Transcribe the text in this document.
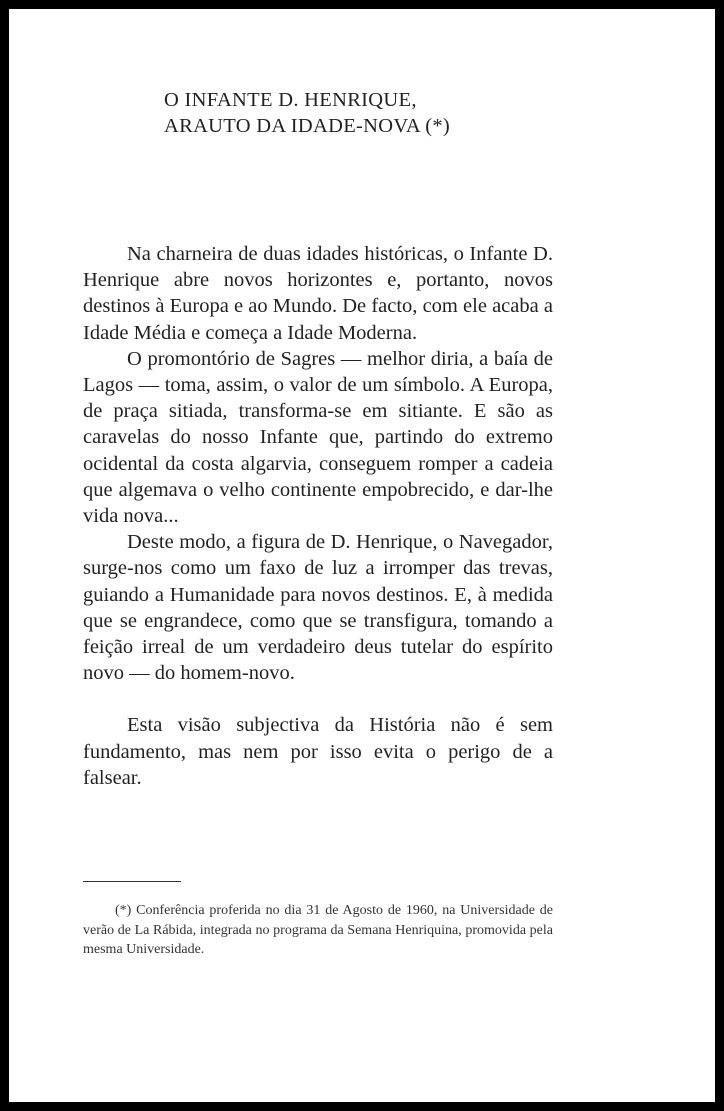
O INFANTE D. HENRIQUE,
ARAUTO DA IDADE-NOVA (*)

Na charneira de duas idades históricas, o Infante D. Henrique abre novos horizontes e, portanto, novos destinos à Europa e ao Mundo. De facto, com ele acaba a Idade Média e começa a Idade Moderna.

O promontório de Sagres — melhor diria, a baía de Lagos — toma, assim, o valor de um símbolo. A Europa, de praça sitiada, transforma-se em sitiante. E são as caravelas do nosso Infante que, partindo do extremo ocidental da costa algarvia, conseguem romper a cadeia que algemava o velho continente empobrecido, e dar-lhe vida nova...

Deste modo, a figura de D. Henrique, o Navegador, surge-nos como um faxo de luz a irromper das trevas, guiando a Humanidade para novos destinos. E, à medida que se engrandece, como que se transfigura, tomando a feição irreal de um verdadeiro deus tutelar do espírito novo — do homem-novo.

Esta visão subjectiva da História não é sem fundamento, mas nem por isso evita o perigo de a falsear.

(*) Conferência proferida no dia 31 de Agosto de 1960, na Universidade de verão de La Rábida, integrada no programa da Semana Henriquina, promovida pela mesma Universidade.
